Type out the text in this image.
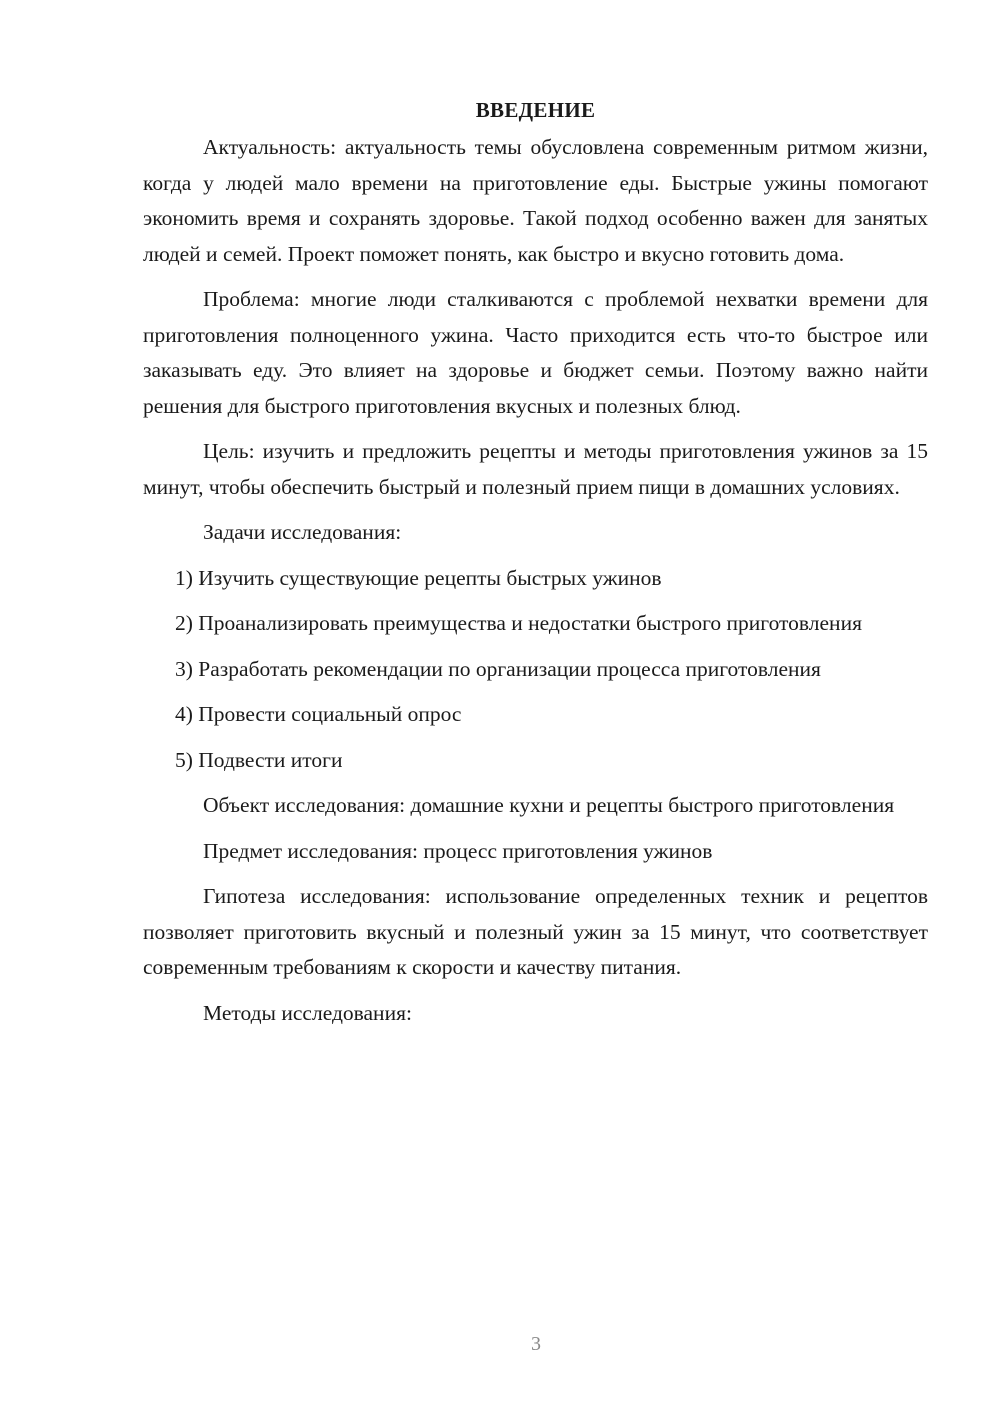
ВВЕДЕНИЕ

Актуальность: актуальность темы обусловлена современным ритмом жизни, когда у людей мало времени на приготовление еды. Быстрые ужины помогают экономить время и сохранять здоровье. Такой подход особенно важен для занятых людей и семей. Проект поможет понять, как быстро и вкусно готовить дома.

Проблема: многие люди сталкиваются с проблемой нехватки времени для приготовления полноценного ужина. Часто приходится есть что-то быстрое или заказывать еду. Это влияет на здоровье и бюджет семьи. Поэтому важно найти решения для быстрого приготовления вкусных и полезных блюд.

Цель: изучить и предложить рецепты и методы приготовления ужинов за 15 минут, чтобы обеспечить быстрый и полезный прием пищи в домашних условиях.

Задачи исследования:

1) Изучить существующие рецепты быстрых ужинов

2) Проанализировать преимущества и недостатки быстрого приготовления

3) Разработать рекомендации по организации процесса приготовления

4) Провести социальный опрос

5) Подвести итоги

Объект исследования: домашние кухни и рецепты быстрого приготовления

Предмет исследования: процесс приготовления ужинов

Гипотеза исследования: использование определенных техник и рецептов позволяет приготовить вкусный и полезный ужин за 15 минут, что соответствует современным требованиям к скорости и качеству питания.

Методы исследования:

3
